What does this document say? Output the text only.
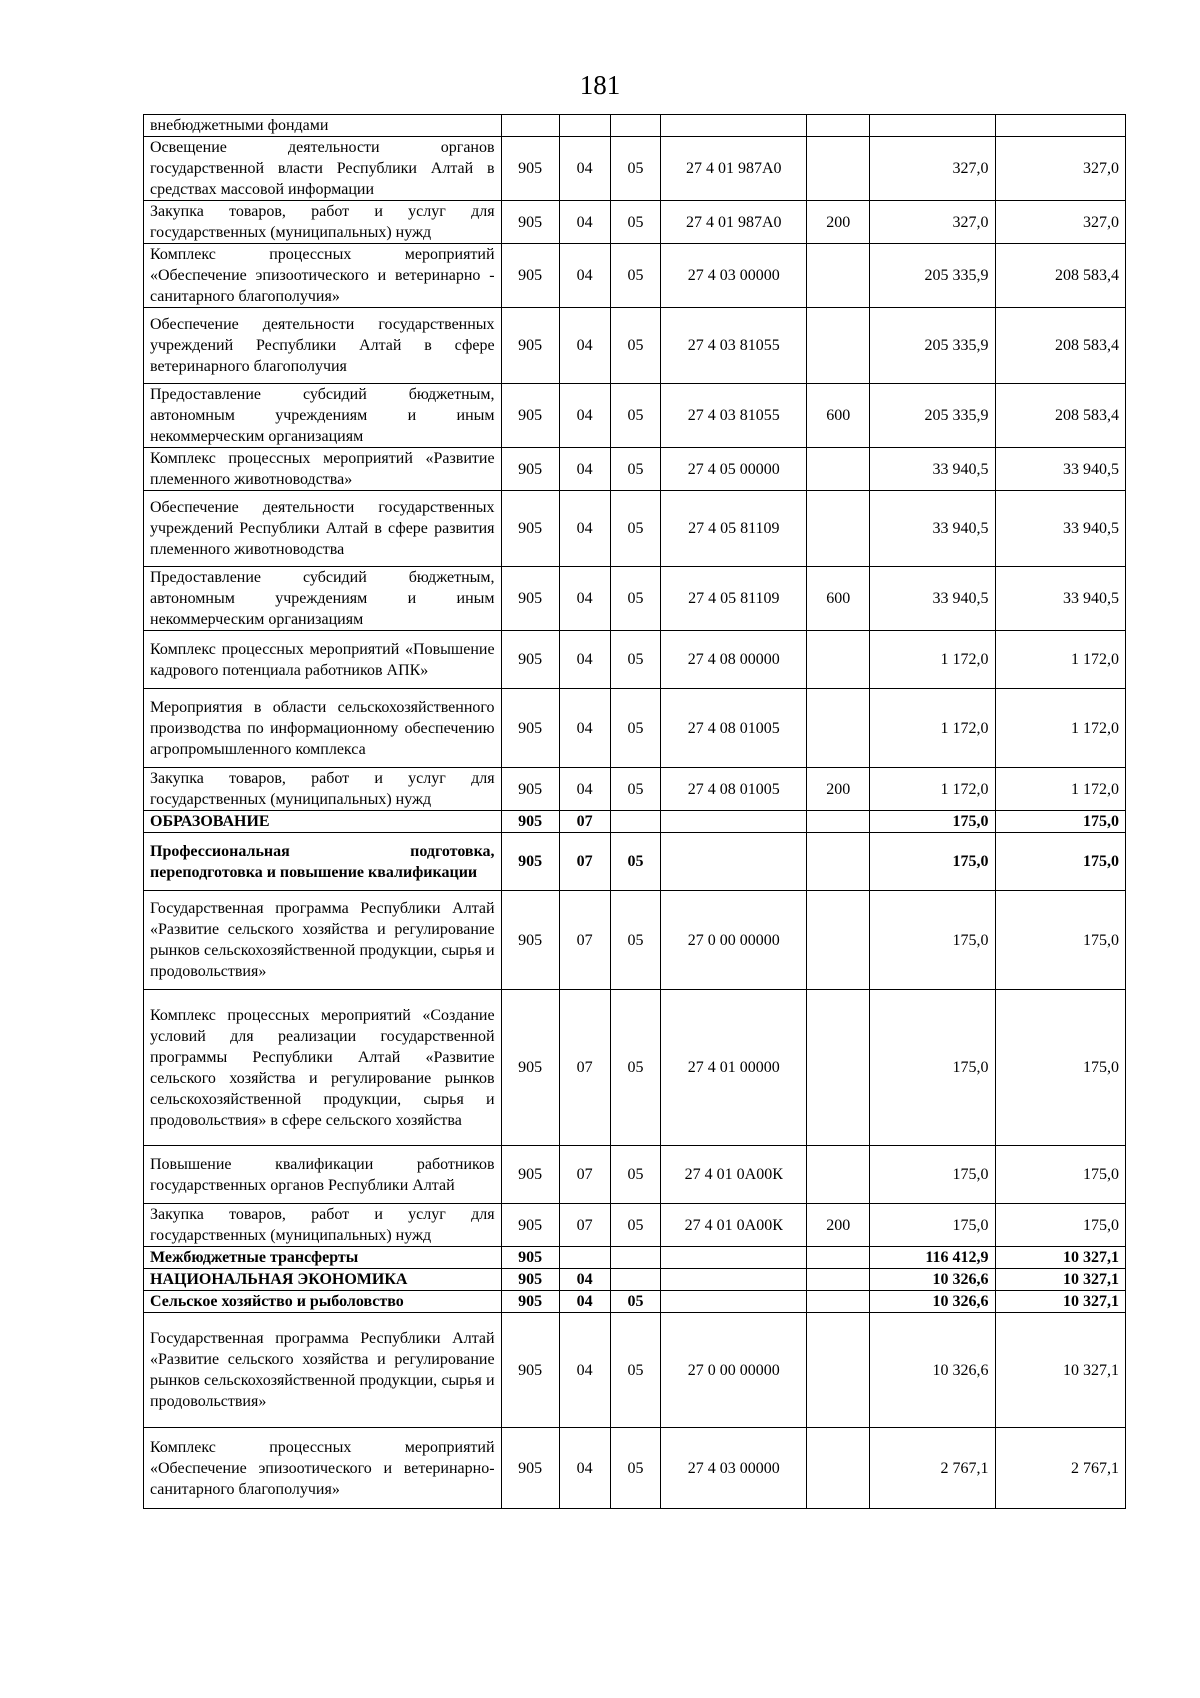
181
внебюджетными фондами							
Освещение деятельности органов государственной власти Республики Алтай в средствах массовой информации	905	04	05	27 4 01 987А0		327,0	327,0
Закупка товаров, работ и услуг для государственных (муниципальных) нужд	905	04	05	27 4 01 987А0	200	327,0	327,0
Комплекс процессных мероприятий «Обеспечение эпизоотического и ветеринарно - санитарного благополучия»	905	04	05	27 4 03 00000		205 335,9	208 583,4
Обеспечение деятельности государственных учреждений Республики Алтай в сфере ветеринарного благополучия	905	04	05	27 4 03 81055		205 335,9	208 583,4
Предоставление субсидий бюджетным, автономным учреждениям и иным некоммерческим организациям	905	04	05	27 4 03 81055	600	205 335,9	208 583,4
Комплекс процессных мероприятий «Развитие племенного животноводства»	905	04	05	27 4 05 00000		33 940,5	33 940,5
Обеспечение деятельности государственных учреждений Республики Алтай в сфере развития племенного животноводства	905	04	05	27 4 05 81109		33 940,5	33 940,5
Предоставление субсидий бюджетным, автономным учреждениям и иным некоммерческим организациям	905	04	05	27 4 05 81109	600	33 940,5	33 940,5
Комплекс процессных мероприятий «Повышение кадрового потенциала работников АПК»	905	04	05	27 4 08 00000		1 172,0	1 172,0
Мероприятия в области сельскохозяйственного производства по информационному обеспечению агропромышленного комплекса	905	04	05	27 4 08 01005		1 172,0	1 172,0
Закупка товаров, работ и услуг для государственных (муниципальных) нужд	905	04	05	27 4 08 01005	200	1 172,0	1 172,0
ОБРАЗОВАНИЕ	905	07				175,0	175,0
Профессиональная подготовка, переподготовка и повышение квалификации	905	07	05			175,0	175,0
Государственная программа Республики Алтай «Развитие сельского хозяйства и регулирование рынков сельскохозяйственной продукции, сырья и продовольствия»	905	07	05	27 0 00 00000		175,0	175,0
Комплекс процессных мероприятий «Создание условий для реализации государственной программы Республики Алтай «Развитие сельского хозяйства и регулирование рынков сельскохозяйственной продукции, сырья и продовольствия» в сфере сельского хозяйства	905	07	05	27 4 01 00000		175,0	175,0
Повышение квалификации работников государственных органов Республики Алтай	905	07	05	27 4 01 0А00К		175,0	175,0
Закупка товаров, работ и услуг для государственных (муниципальных) нужд	905	07	05	27 4 01 0А00К	200	175,0	175,0
Межбюджетные трансферты	905					116 412,9	10 327,1
НАЦИОНАЛЬНАЯ ЭКОНОМИКА	905	04				10 326,6	10 327,1
Сельское хозяйство и рыболовство	905	04	05			10 326,6	10 327,1
Государственная программа Республики Алтай «Развитие сельского хозяйства и регулирование рынков сельскохозяйственной продукции, сырья и продовольствия»	905	04	05	27 0 00 00000		10 326,6	10 327,1
Комплекс процессных мероприятий «Обеспечение эпизоотического и ветеринарно- санитарного благополучия»	905	04	05	27 4 03 00000		2 767,1	2 767,1
